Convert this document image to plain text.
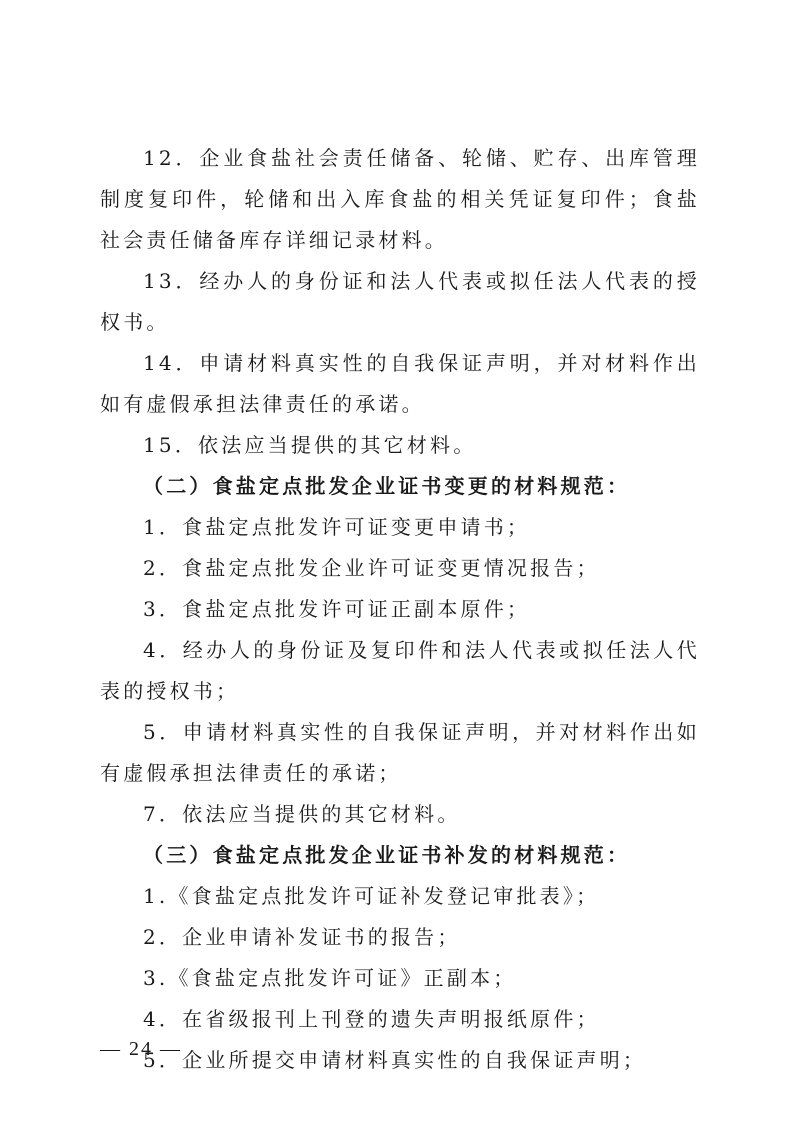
12．企业食盐社会责任储备、轮储、贮存、出库管理制度复印件，轮储和出入库食盐的相关凭证复印件；食盐社会责任储备库存详细记录材料。

13．经办人的身份证和法人代表或拟任法人代表的授权书。

14．申请材料真实性的自我保证声明，并对材料作出如有虚假承担法律责任的承诺。

15．依法应当提供的其它材料。

（二）食盐定点批发企业证书变更的材料规范：

1．食盐定点批发许可证变更申请书；

2．食盐定点批发企业许可证变更情况报告；

3．食盐定点批发许可证正副本原件；

4．经办人的身份证及复印件和法人代表或拟任法人代表的授权书；

5．申请材料真实性的自我保证声明，并对材料作出如有虚假承担法律责任的承诺；

7．依法应当提供的其它材料。

（三）食盐定点批发企业证书补发的材料规范：

1.《食盐定点批发许可证补发登记审批表》；

2．企业申请补发证书的报告；

3.《食盐定点批发许可证》正副本；

4．在省级报刊上刊登的遗失声明报纸原件；

5．企业所提交申请材料真实性的自我保证声明；

— 24 —
